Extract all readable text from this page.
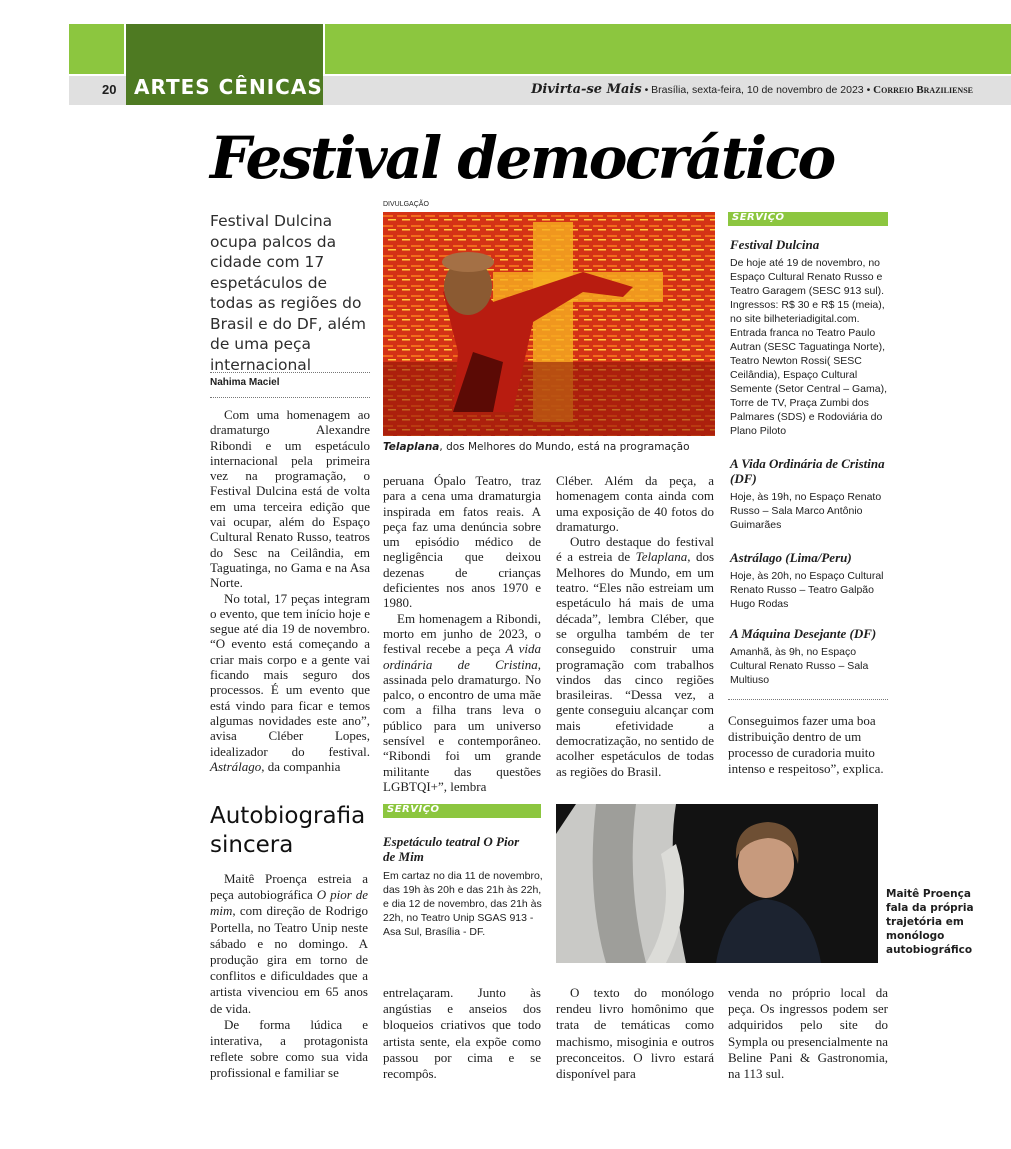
ARTES CÊNICAS
20	Divirta-se Mais • Brasília, sexta-feira, 10 de novembro de 2023 • Correio Braziliense
Festival democrático
Festival Dulcina ocupa palcos da cidade com 17 espetáculos de todas as regiões do Brasil e do DF, além de uma peça internacional
Nahima Maciel

Com uma homenagem ao dramaturgo Alexandre Ribondi e um espetáculo internacional pela primeira vez na programação, o Festival Dulcina está de volta em uma terceira edição que vai ocupar, além do Espaço Cultural Renato Russo, teatros do Sesc na Ceilândia, em Taguatinga, no Gama e na Asa Norte.

No total, 17 peças integram o evento, que tem início hoje e segue até dia 19 de novembro. “O evento está começando a criar mais corpo e a gente vai ficando mais seguro dos processos. É um evento que está vindo para ficar e temos algumas novidades este ano”, avisa Cléber Lopes, idealizador do festival. Astrálago, da companhia

DIVULGAÇÃO
Telaplana, dos Melhores do Mundo, está na programação

peruana Ópalo Teatro, traz para a cena uma dramaturgia inspirada em fatos reais. A peça faz uma denúncia sobre um episódio médico de negligência que deixou dezenas de crianças deficientes nos anos 1970 e 1980.

Em homenagem a Ribondi, morto em junho de 2023, o festival recebe a peça A vida ordinária de Cristina, assinada pelo dramaturgo. No palco, o encontro de uma mãe com a filha trans leva o público para um universo sensível e contemporâneo. “Ribondi foi um grande militante das questões LGBTQI+”, lembra

Cléber. Além da peça, a homenagem conta ainda com uma exposição de 40 fotos do dramaturgo.

Outro destaque do festival é a estreia de Telaplana, dos Melhores do Mundo, em um teatro. “Eles não estreiam um espetáculo há mais de uma década”, lembra Cléber, que se orgulha também de ter conseguido construir uma programação com trabalhos vindos das cinco regiões brasileiras. “Dessa vez, a gente conseguiu alcançar com mais efetividade a democratização, no sentido de acolher espetáculos de todas as regiões do Brasil.

SERVIÇO
Festival Dulcina
De hoje até 19 de novembro, no Espaço Cultural Renato Russo e Teatro Garagem (SESC 913 sul). Ingressos: R$ 30 e R$ 15 (meia), no site bilheteriadigital.com. Entrada franca no Teatro Paulo Autran (SESC Taguatinga Norte), Teatro Newton Rossi( SESC Ceilândia), Espaço Cultural Semente (Setor Central – Gama), Torre de TV, Praça Zumbi dos Palmares (SDS) e Rodoviária do Plano Piloto
A Vida Ordinária de Cristina (DF)
Hoje, às 19h, no Espaço Renato Russo – Sala Marco Antônio Guimarães
Astrálago (Lima/Peru)
Hoje, às 20h, no Espaço Cultural Renato Russo – Teatro Galpão Hugo Rodas
A Máquina Desejante (DF)
Amanhã, às 9h, no Espaço Cultural Renato Russo – Sala Multiuso
Conseguimos fazer uma boa distribuição dentro de um processo de curadoria muito intenso e respeitoso”, explica.
Autobiografia sincera

Maitê Proença estreia a peça autobiográfica O pior de mim, com direção de Rodrigo Portella, no Teatro Unip neste sábado e no domingo. A produção gira em torno de conflitos e dificuldades que a artista vivenciou em 65 anos de vida.

De forma lúdica e interativa, a protagonista reflete sobre como sua vida profissional e familiar se

SERVIÇO
Espetáculo teatral O Pior de Mim
Em cartaz no dia 11 de novembro, das 19h às 20h e das 21h às 22h, e dia 12 de novembro, das 21h às 22h, no Teatro Unip SGAS 913 - Asa Sul, Brasília - DF.
Maitê Proença fala da própria trajetória em monólogo autobiográfico

entrelaçaram. Junto às angústias e anseios dos bloqueios criativos que todo artista sente, ela expõe como passou por cima e se recompôs.

O texto do monólogo rendeu livro homônimo que trata de temáticas como machismo, misoginia e outros preconceitos. O livro estará disponível para

venda no próprio local da peça. Os ingressos podem ser adquiridos pelo site do Sympla ou presencialmente na Beline Pani & Gastronomia, na 113 sul.
